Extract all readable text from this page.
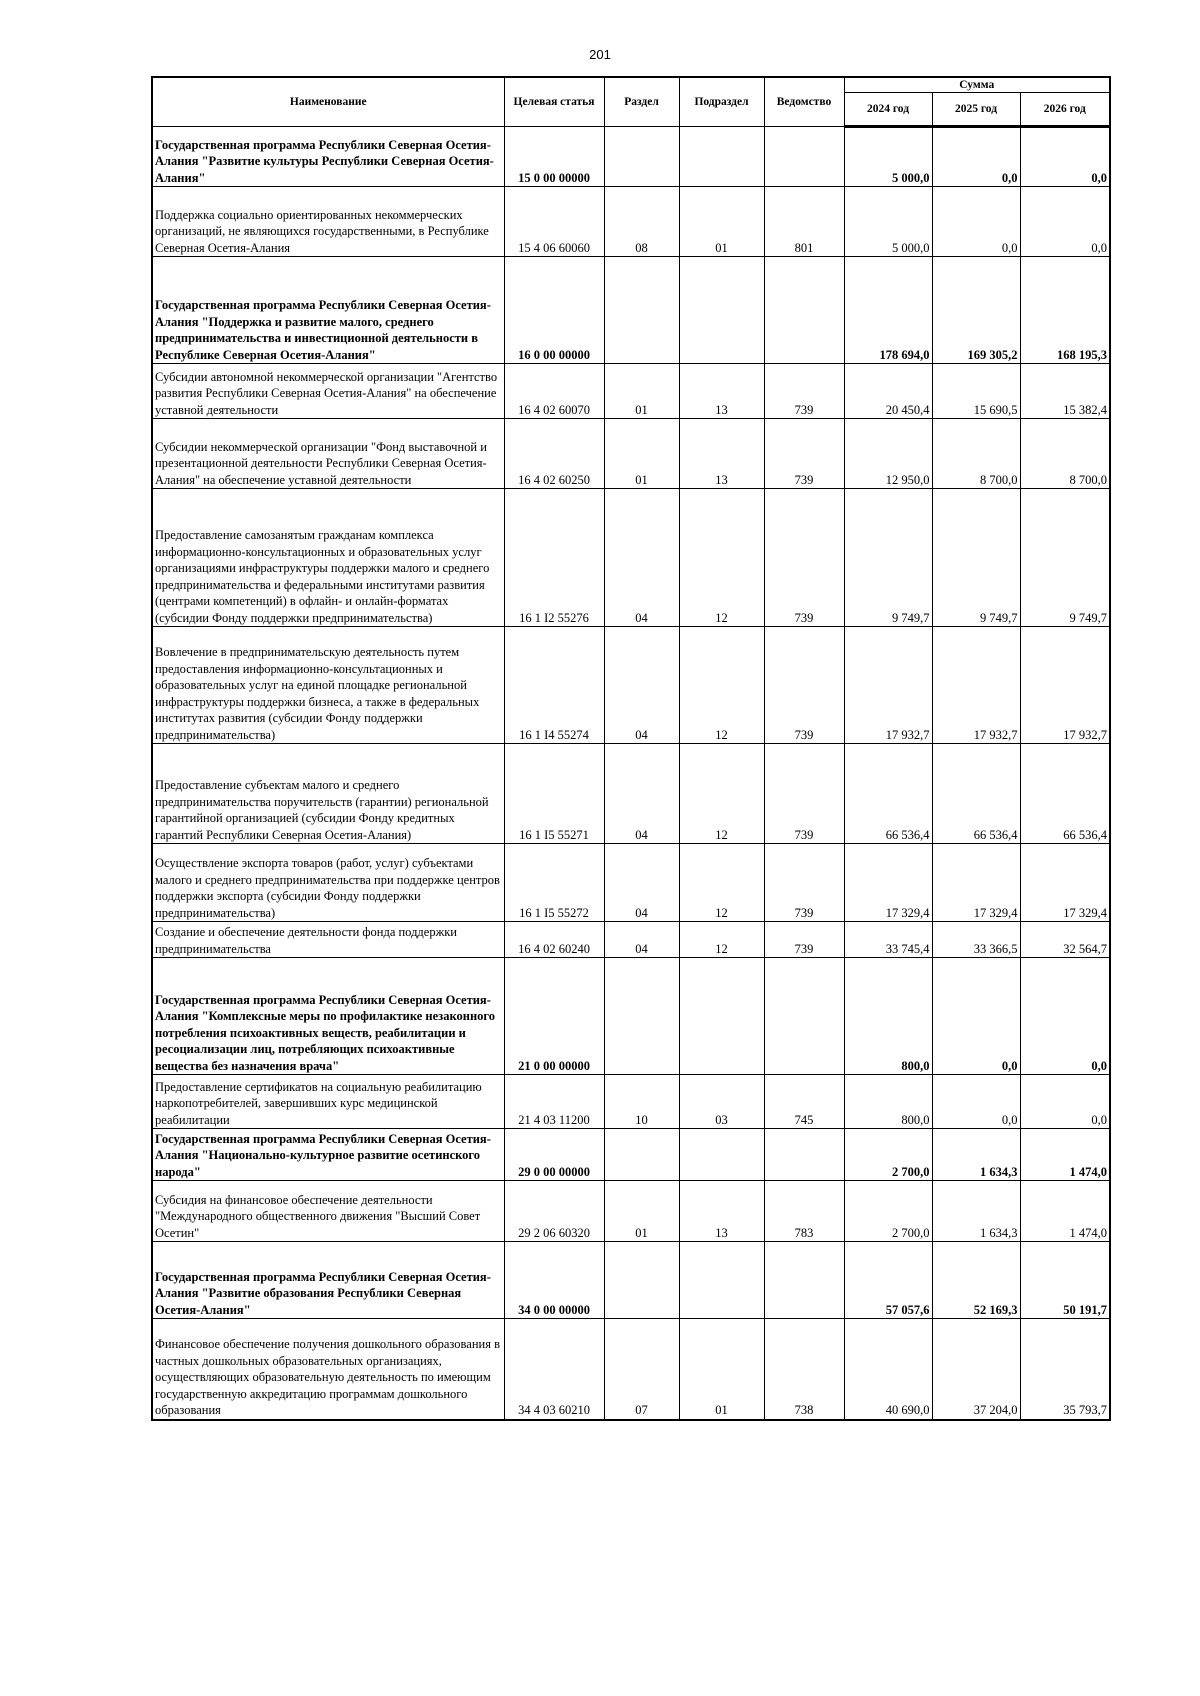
201
Наименование	Целевая статья	Раздел	Подраздел	Ведомство	Сумма		
					2024 год	2025 год	2026 год
Государственная программа Республики Северная Осетия-Алания "Развитие культуры Республики Северная Осетия-Алания"	15 0 00 00000				5 000,0	0,0	0,0
Поддержка социально ориентированных некоммерческих организаций, не являющихся государственными, в Республике Северная Осетия-Алания	15 4 06 60060	08	01	801	5 000,0	0,0	0,0
Государственная программа Республики Северная Осетия-Алания "Поддержка и развитие малого, среднего предпринимательства и инвестиционной деятельности в Республике Северная Осетия-Алания"	16 0 00 00000				178 694,0	169 305,2	168 195,3
Субсидии автономной некоммерческой организации "Агентство развития Республики Северная Осетия-Алания" на обеспечение уставной деятельности	16 4 02 60070	01	13	739	20 450,4	15 690,5	15 382,4
Субсидии некоммерческой организации "Фонд выставочной и презентационной деятельности Республики Северная Осетия-Алания" на обеспечение уставной деятельности	16 4 02 60250	01	13	739	12 950,0	8 700,0	8 700,0
Предоставление самозанятым гражданам комплекса информационно-консультационных и образовательных услуг организациями инфраструктуры поддержки малого и среднего предпринимательства и федеральными институтами развития (центрами компетенций) в офлайн- и онлайн-форматах (субсидии Фонду поддержки предпринимательства)	16 1 I2 55276	04	12	739	9 749,7	9 749,7	9 749,7
Вовлечение в предпринимательскую деятельность путем предоставления информационно-консультационных и образовательных услуг на единой площадке региональной инфраструктуры поддержки бизнеса, а также в федеральных институтах развития (субсидии Фонду поддержки предпринимательства)	16 1 I4 55274	04	12	739	17 932,7	17 932,7	17 932,7
Предоставление субъектам малого и среднего предпринимательства поручительств (гарантии) региональной гарантийной организацией (субсидии Фонду кредитных гарантий Республики Северная Осетия-Алания)	16 1 I5 55271	04	12	739	66 536,4	66 536,4	66 536,4
Осуществление экспорта товаров (работ, услуг) субъектами малого и среднего предпринимательства при поддержке центров поддержки экспорта (субсидии Фонду поддержки предпринимательства)	16 1 I5 55272	04	12	739	17 329,4	17 329,4	17 329,4
Создание и обеспечение деятельности фонда поддержки предпринимательства	16 4 02 60240	04	12	739	33 745,4	33 366,5	32 564,7
Государственная программа Республики Северная Осетия-Алания "Комплексные меры по профилактике незаконного потребления психоактивных веществ, реабилитации и ресоциализации лиц, потребляющих психоактивные вещества без назначения врача"	21 0 00 00000				800,0	0,0	0,0
Предоставление сертификатов на социальную реабилитацию наркопотребителей, завершивших курс медицинской реабилитации	21 4 03 11200	10	03	745	800,0	0,0	0,0
Государственная программа Республики Северная Осетия-Алания "Национально-культурное развитие осетинского народа"	29 0 00 00000				2 700,0	1 634,3	1 474,0
Субсидия на финансовое обеспечение деятельности "Международного общественного движения "Высший Совет Осетин"	29 2 06 60320	01	13	783	2 700,0	1 634,3	1 474,0
Государственная программа Республики Северная Осетия-Алания "Развитие образования Республики Северная Осетия-Алания"	34 0 00 00000				57 057,6	52 169,3	50 191,7
Финансовое обеспечение получения дошкольного образования в частных дошкольных образовательных организациях, осуществляющих образовательную деятельность по имеющим государственную аккредитацию программам дошкольного образования	34 4 03 60210	07	01	738	40 690,0	37 204,0	35 793,7
